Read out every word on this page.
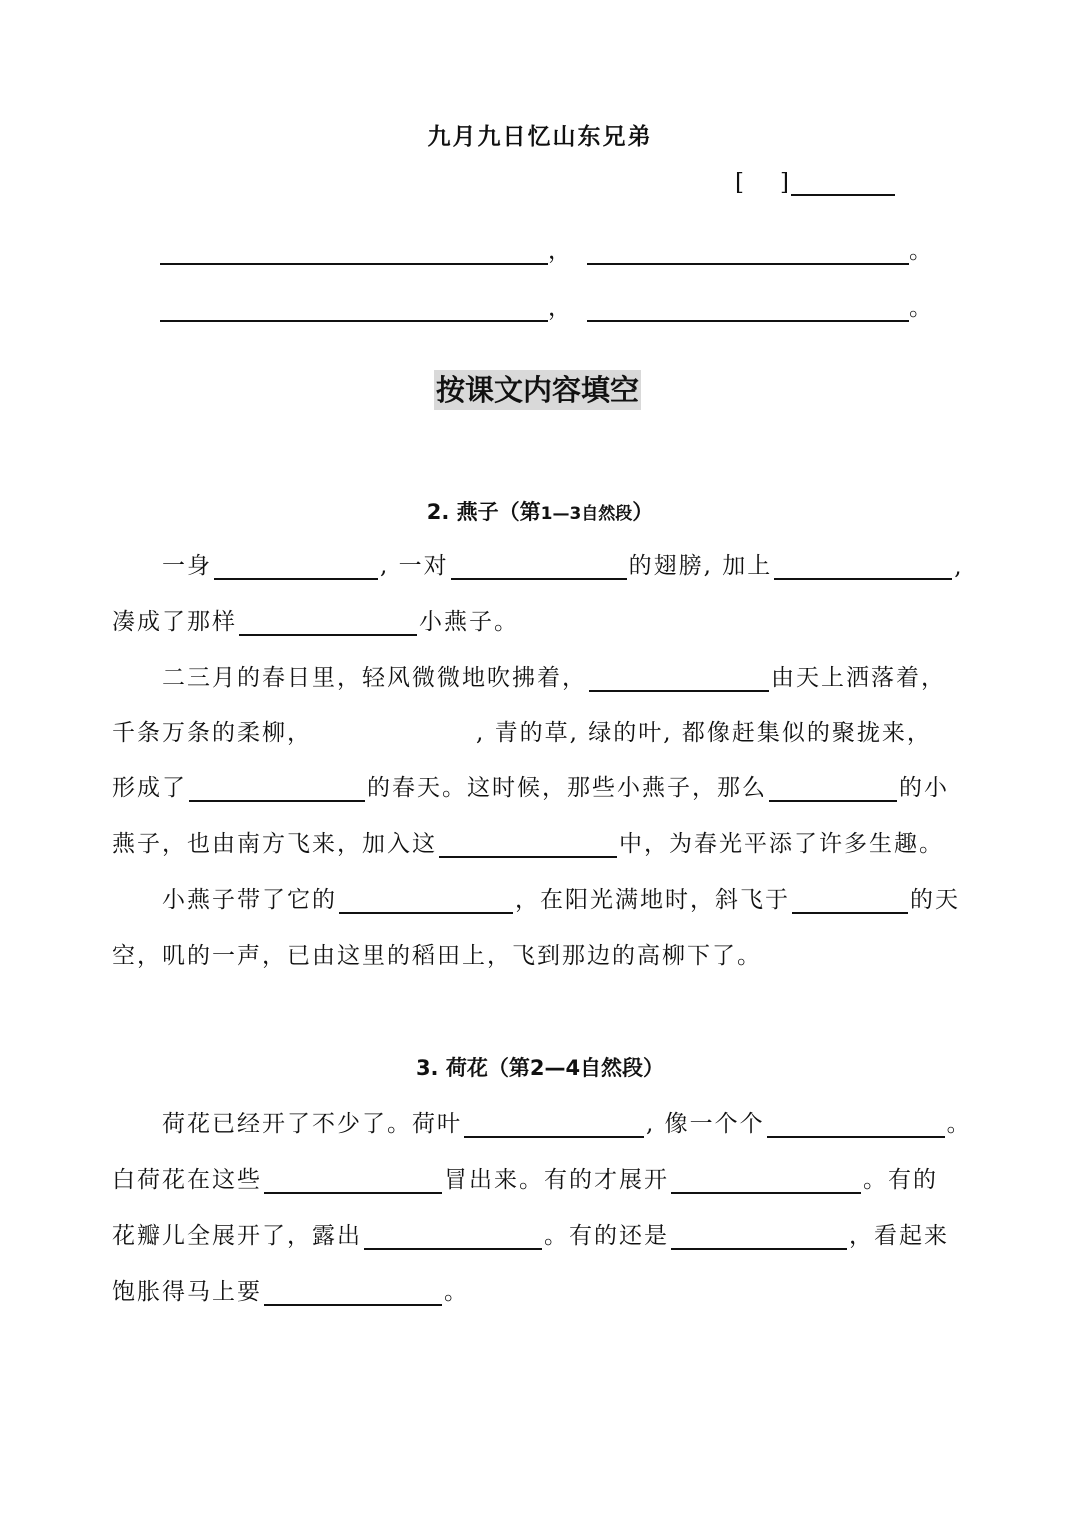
九月九日忆山东兄弟
[ ]
，	。
，	。
按课文内容填空
2. 燕子（第1—3自然段）
一身	, 一对	的翅膀, 加上	,
凑成了那样	小燕子。
二三月的春日里，轻风微微地吹拂着，	由天上洒落着，
千条万条的柔柳，	, 青的草, 绿的叶, 都像赶集似的聚拢来，
形成了	的春天。这时候，那些小燕子，那么	的小
燕子，也由南方飞来，加入这	中，为春光平添了许多生趣。
小燕子带了它的	，在阳光满地时，斜飞于	的天
空，叽的一声，已由这里的稻田上，飞到那边的高柳下了。
3. 荷花（第2—4自然段）
荷花已经开了不少了。荷叶	, 像一个个	。
白荷花在这些	冒出来。有的才展开	。有的
花瓣儿全展开了，露出	。有的还是	，看起来
饱胀得马上要	。
